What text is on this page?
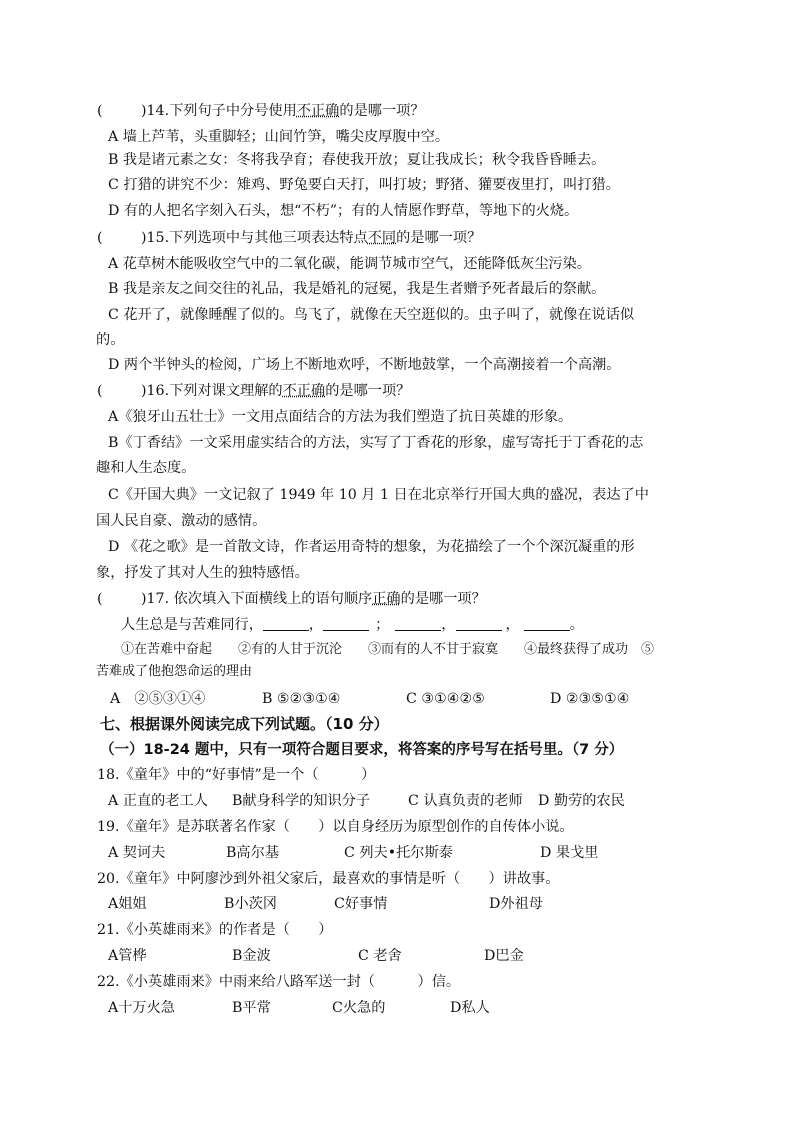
(	)14.下列句子中分号使用不正确的是哪一项？
A 墙上芦苇，头重脚轻；山间竹笋，嘴尖皮厚腹中空。
B 我是诸元素之女：冬将我孕育；春使我开放；夏让我成长；秋令我昏昏睡去。
C 打猎的讲究不少：雉鸡、野兔要白天打，叫打坡；野猪、獾要夜里打，叫打猎。
D 有的人把名字刻入石头，想“不朽”；有的人情愿作野草，等地下的火烧。
(	)15.下列选项中与其他三项表达特点不同的是哪一项？
A 花草树木能吸收空气中的二氧化碳，能调节城市空气，还能降低灰尘污染。
B 我是亲友之间交往的礼品，我是婚礼的冠冕，我是生者赠予死者最后的祭献。
C 花开了，就像睡醒了似的。鸟飞了，就像在天空逛似的。虫子叫了，就像在说话似
的。
D 两个半钟头的检阅，广场上不断地欢呼，不断地鼓掌，一个高潮接着一个高潮。
(	)16.下列对课文理解的不正确的是哪一项？
A《狼牙山五壮士》一文用点面结合的方法为我们塑造了抗日英雄的形象。
B《丁香结》一文采用虚实结合的方法，实写了丁香花的形象，虚写寄托于丁香花的志
趣和人生态度。
C《开国大典》一文记叙了 1949 年 10 月 1 日在北京举行开国大典的盛况，表达了中
国人民自豪、激动的感情。
D 《花之歌》是一首散文诗，作者运用奇特的想象，为花描绘了一个个深沉凝重的形
象，抒发了其对人生的独特感悟。
(	)17. 依次填入下面横线上的语句顺序正确的是哪一项？
人生总是与苦难同行，	，	；	，	，	。
①在苦难中奋起　　②有的人甘于沉沦　　③而有的人不甘于寂寞　　④最终获得了成功　⑤
苦难成了他抱怨命运的理由
A　②⑤③①④	B ⑤②③①④	C ③①④②⑤	D ②③⑤①④
七、根据课外阅读完成下列试题。（10 分）
（一）18-24 题中，只有一项符合题目要求，将答案的序号写在括号里。（7 分）
18.《童年》中的“好事情”是一个（　　　）
A 正直的老工人 B献身科学的知识分子	C 认真负责的老师 D 勤劳的农民
19.《童年》是苏联著名作家（　　）以自身经历为原型创作的自传体小说。
A 契诃夫	B高尔基	C 列夫•托尔斯泰	D 果戈里
20.《童年》中阿廖沙到外祖父家后，最喜欢的事情是听（　　）讲故事。
A姐姐	B小茨冈	C好事情	D外祖母
21.《小英雄雨来》的作者是（　　）
A管桦	B金波	C 老舍	D巴金
22.《小英雄雨来》中雨来给八路军送一封（　　　）信。
A十万火急	B平常	C火急的	D私人
